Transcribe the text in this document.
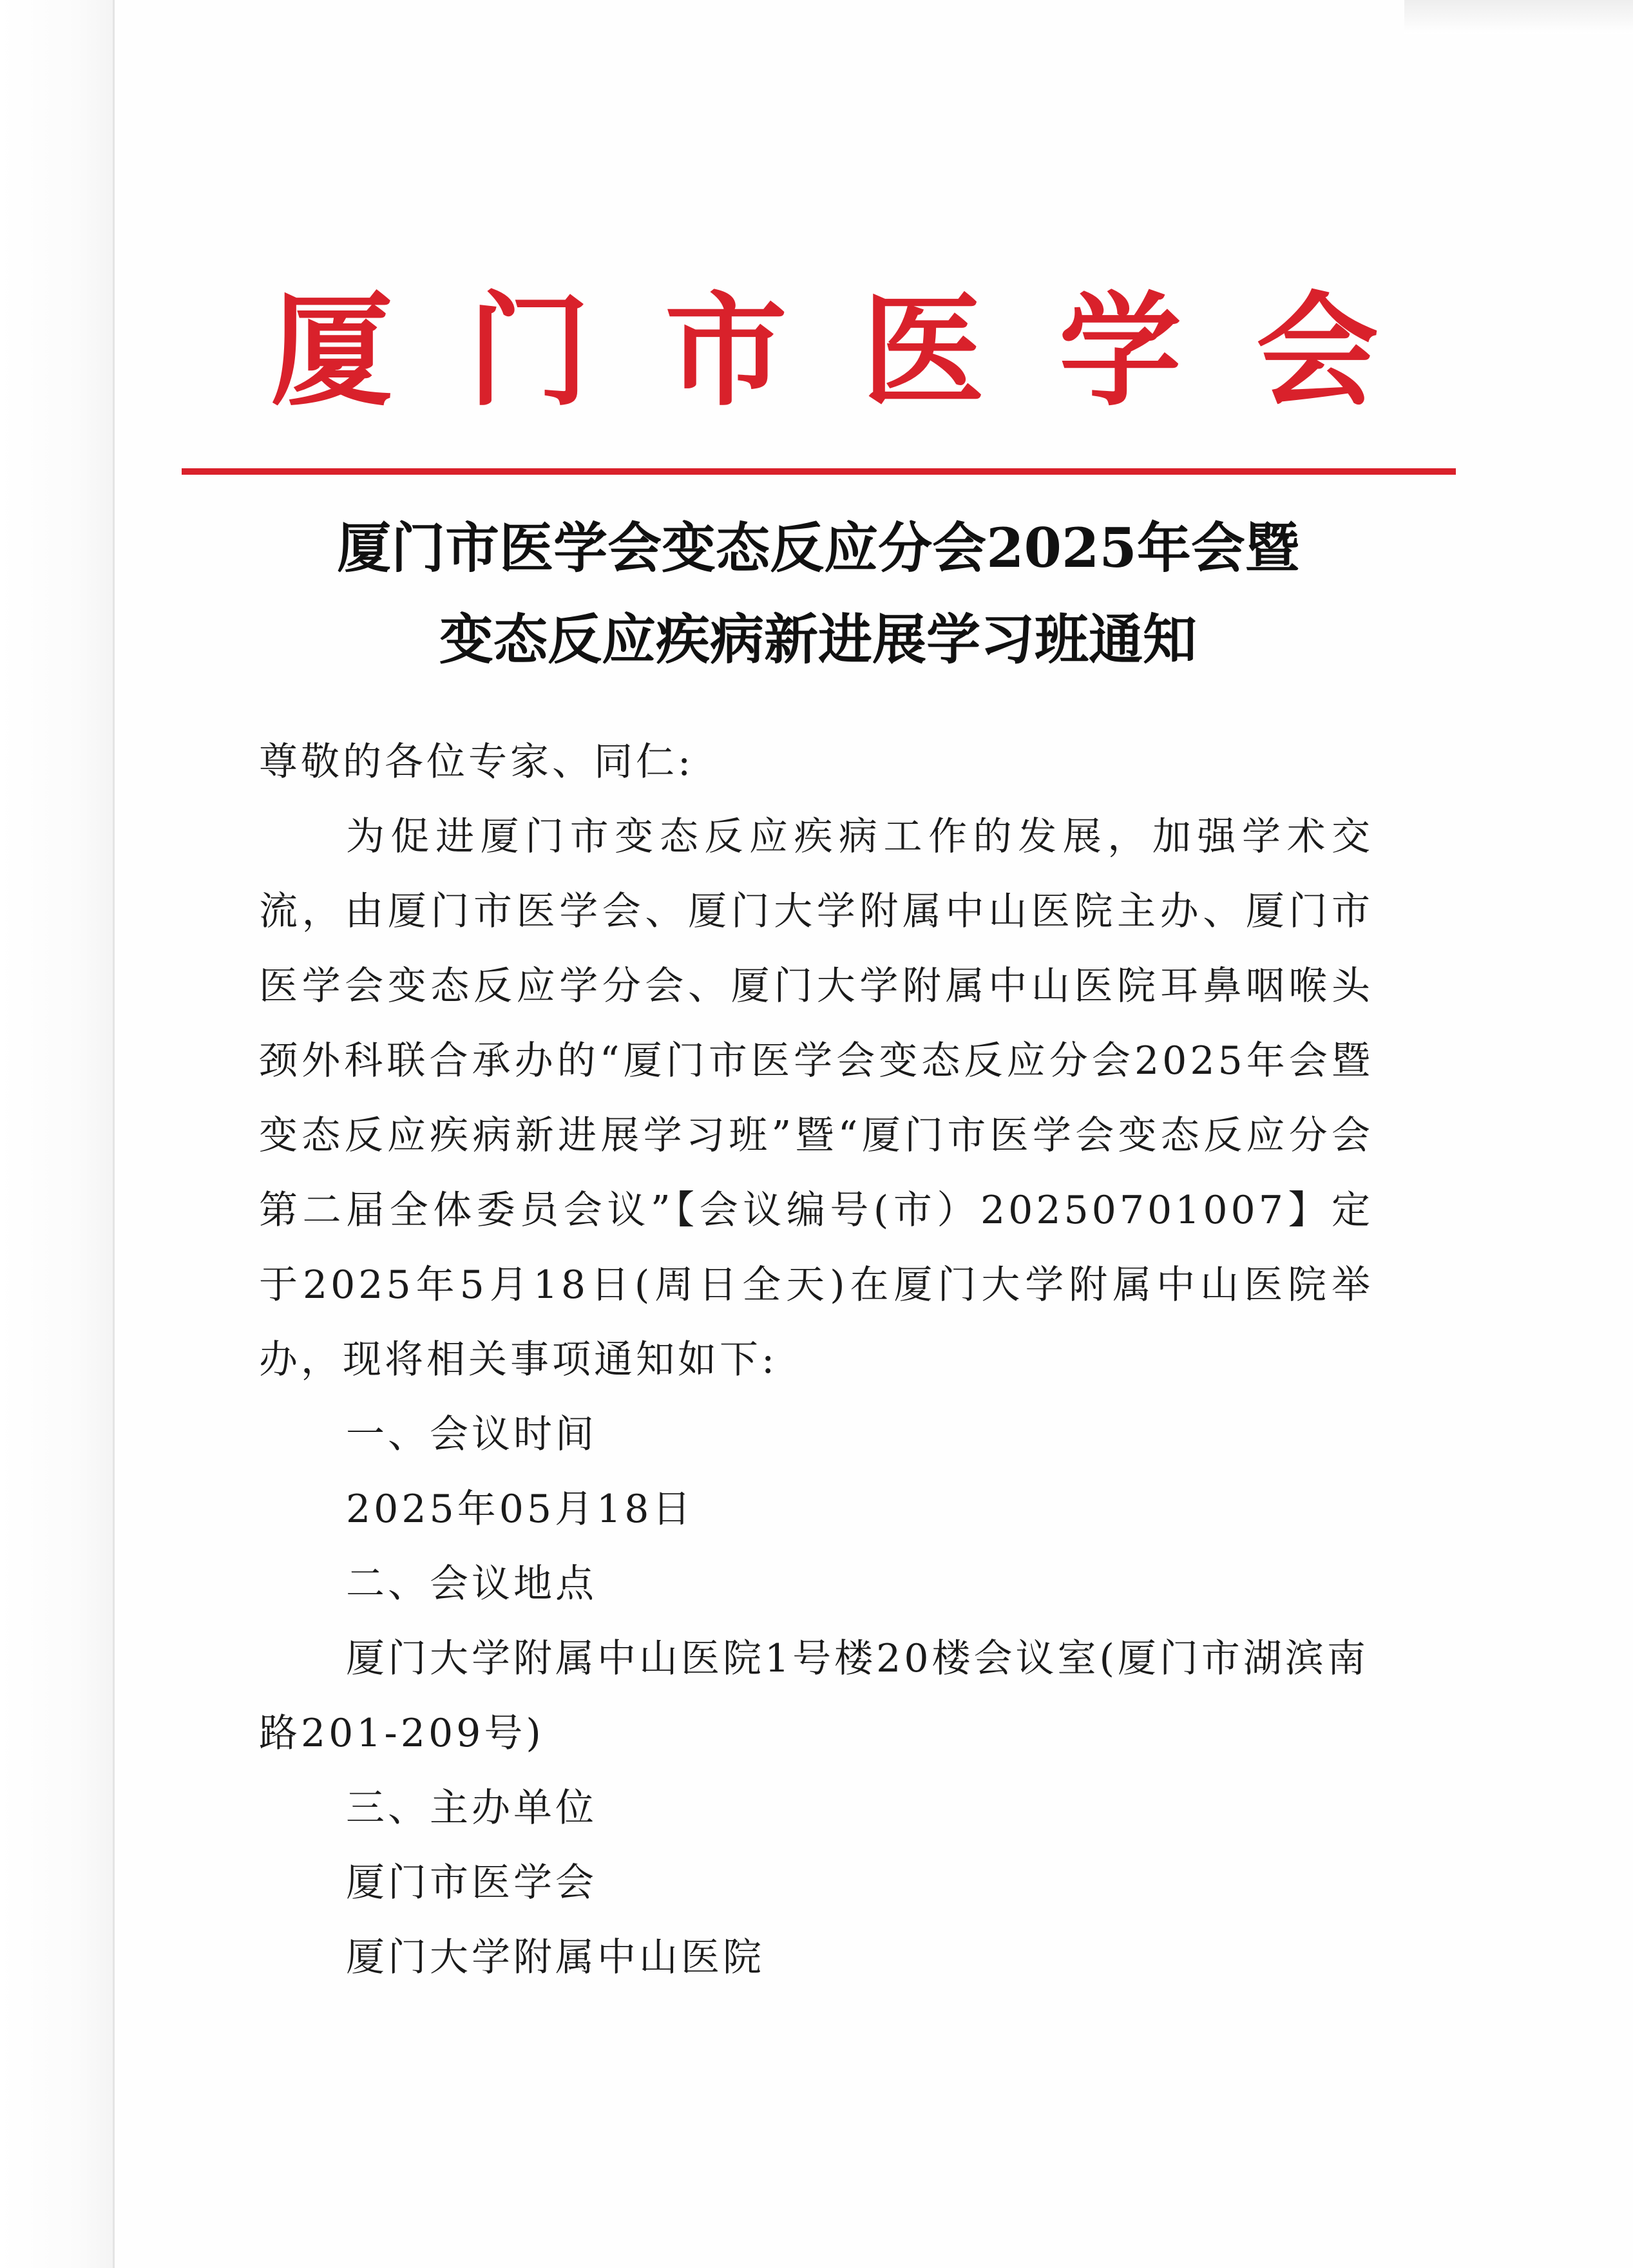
厦 门 市 医 学 会
厦门市医学会变态反应分会2025年会暨
变态反应疾病新进展学习班通知

尊敬的各位专家、同仁:

为促进厦门市变态反应疾病工作的发展，加强学术交流，由厦门市医学会、厦门大学附属中山医院主办、厦门市医学会变态反应学分会、厦门大学附属中山医院耳鼻咽喉头颈外科联合承办的“厦门市医学会变态反应分会2025年会暨变态反应疾病新进展学习班”暨“厦门市医学会变态反应分会第二届全体委员会议”【会议编号(市）20250701007】定于2025年5月18日(周日全天)在厦门大学附属中山医院举办，现将相关事项通知如下:

一、会议时间

2025年05月18日

二、会议地点

厦门大学附属中山医院1号楼20楼会议室(厦门市湖滨南路201-209号)

三、主办单位

厦门市医学会

厦门大学附属中山医院
